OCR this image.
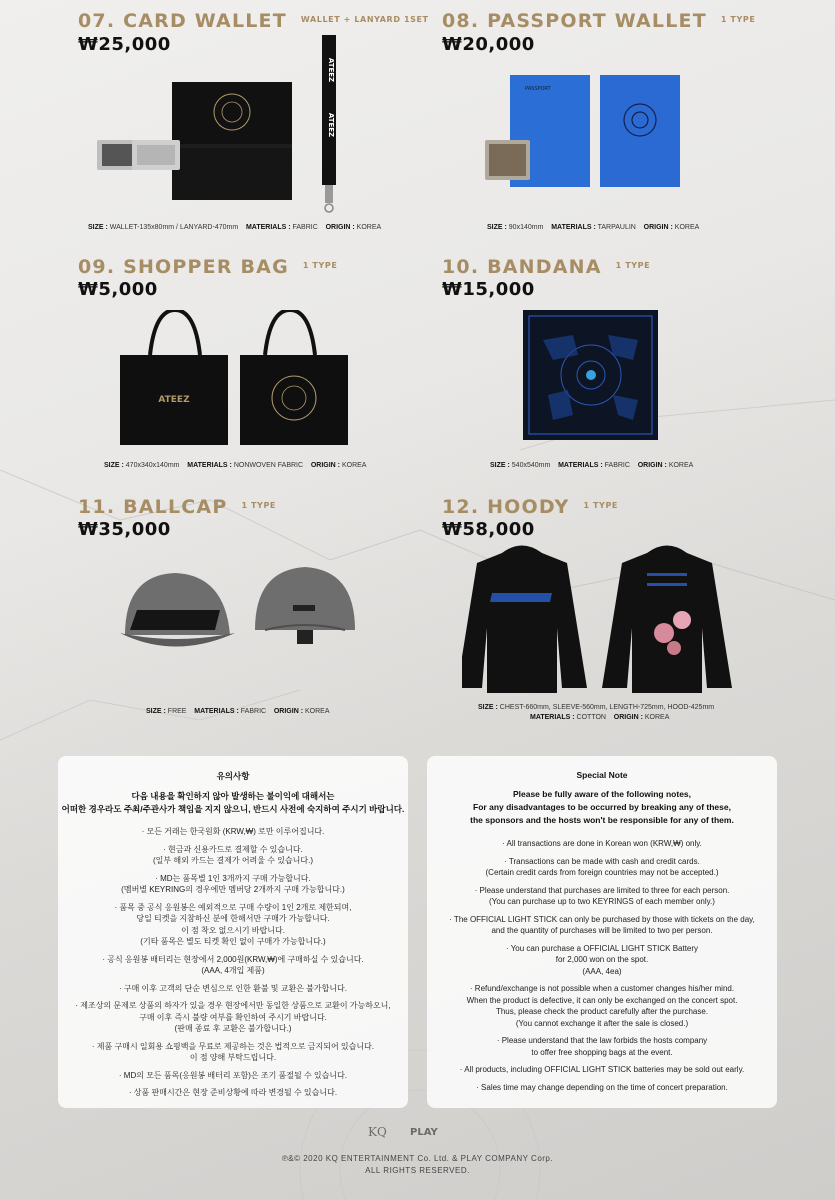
07. CARD WALLET $^{WALLET + LANYARD 1SET}$
₩25,000
ATEEZ
ATEEZ
SIZE : WALLET-135x80mm / LANYARD-470mm MATERIALS : FABRIC ORIGIN : KOREA
08. PASSPORT WALLET $^{1 TYPE}$
₩20,000
PASSPORT
SIZE : 90x140mm MATERIALS : TARPAULIN ORIGIN : KOREA
09. SHOPPER BAG $^{1 TYPE}$
₩5,000
ATEEZ
SIZE : 470x340x140mm MATERIALS : NONWOVEN FABRIC ORIGIN : KOREA
10. BANDANA $^{1 TYPE}$
₩15,000
SIZE : 540x540mm MATERIALS : FABRIC ORIGIN : KOREA
11. BALLCAP $^{1 TYPE}$
₩35,000
SIZE : FREE MATERIALS : FABRIC ORIGIN : KOREA
12. HOODY $^{1 TYPE}$
₩58,000
SIZE : CHEST-660mm, SLEEVE-560mm, LENGTH-725mm, HOOD-425mm
MATERIALS : COTTON ORIGIN : KOREA
유의사항
다음 내용을 확인하지 않아 발생하는 불이익에 대해서는
어떠한 경우라도 주최/주관사가 책임을 지지 않으니, 반드시 사전에 숙지하여 주시기 바랍니다.

· 모든 거래는 한국원화 (KRW,₩) 로만 이루어집니다.

· 현금과 신용카드로 결제할 수 있습니다.
(일부 해외 카드는 결제가 어려울 수 있습니다.)

· MD는 품목별 1인 3개까지 구매 가능합니다.
(멤버별 KEYRING의 경우에만 멤버당 2개까지 구매 가능합니다.)

· 품목 중 공식 응원봉은 예외적으로 구매 수량이 1인 2개로 제한되며,
당일 티켓을 지참하신 분에 한해서만 구매가 가능합니다.
이 점 착오 없으시기 바랍니다.
(기타 품목은 별도 티켓 확인 없이 구매가 가능합니다.)

· 공식 응원봉 배터리는 현장에서 2,000원(KRW,₩)에 구매하실 수 있습니다.
(AAA, 4개입 제품)

· 구매 이후 고객의 단순 변심으로 인한 환불 및 교환은 불가합니다.

· 제조상의 문제로 상품의 하자가 있을 경우 현장에서만 동일한 상품으로 교환이 가능하오니,
구매 이후 즉시 불량 여부를 확인하여 주시기 바랍니다.
(판매 종료 후 교환은 불가합니다.)

· 제품 구매시 일회용 쇼핑백을 무료로 제공하는 것은 법적으로 금지되어 있습니다.
이 점 양해 부탁드립니다.

· MD의 모든 품목(응원봉 배터리 포함)은 조기 품절될 수 있습니다.

· 상품 판매시간은 현장 준비상황에 따라 변경될 수 있습니다.

Special Note
Please be fully aware of the following notes,
For any disadvantages to be occurred by breaking any of these,
the sponsors and the hosts won't be responsible for any of them.

· All transactions are done in Korean won (KRW,₩) only.

· Transactions can be made with cash and credit cards.
(Certain credit cards from foreign countries may not be accepted.)

· Please understand that purchases are limited to three for each person.
(You can purchase up to two KEYRINGS of each member only.)

· The OFFICIAL LIGHT STICK can only be purchased by those with tickets on the day,
and the quantity of purchases will be limited to two per person.

· You can purchase a OFFICIAL LIGHT STICK Battery
for 2,000 won on the spot.
(AAA, 4ea)

· Refund/exchange is not possible when a customer changes his/her mind.
When the product is defective, it can only be exchanged on the concert spot.
Thus, please check the product carefully after the purchase.
(You cannot exchange it after the sale is closed.)

· Please understand that the law forbids the hosts company
to offer free shopping bags at the event.

· All products, including OFFICIAL LIGHT STICK batteries may be sold out early.

· Sales time may change depending on the time of concert preparation.

KQ PLAY
℗&© 2020 KQ ENTERTAINMENT Co. Ltd. & PLAY COMPANY Corp.
ALL RIGHTS RESERVED.
